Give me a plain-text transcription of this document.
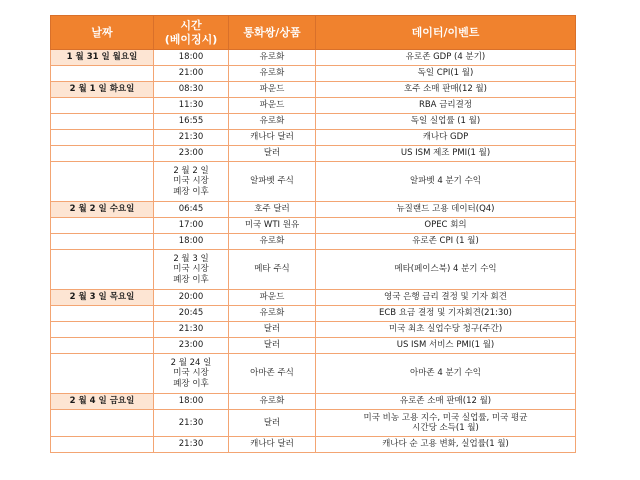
날짜	시간
(베이징시)	통화쌍/상품	데이터/이벤트
1 월 31 일 월요일	18:00	유로화	유로존 GDP (4 분기)
	21:00	유로화	독일 CPI(1 월)
2 월 1 일 화요일	08:30	파운드	호주 소매 판매(12 월)
	11:30	파운드	RBA 금리결정
	16:55	유로화	독일 실업률 (1 월)
	21:30	캐나다 달러	캐나다 GDP
	23:00	달러	US ISM 제조 PMI(1 월)
	2 월 2 일
미국 시장
폐장 이후	알파벳 주식	알파벳 4 분기 수익
2 월 2 일 수요일	06:45	호주 달러	뉴질랜드 고용 데이터(Q4)
	17:00	미국 WTI 원유	OPEC 회의
	18:00	유로화	유로존 CPI (1 월)
	2 월 3 일
미국 시장
폐장 이후	메타 주식	메타(페이스북) 4 분기 수익
2 월 3 일 목요일	20:00	파운드	영국 은행 금리 결정 및 기자 회견
	20:45	유로화	ECB 요금 결정 및 기자회견(21:30)
	21:30	달러	미국 최초 실업수당 청구(주간)
	23:00	달러	US ISM 서비스 PMI(1 월)
	2 월 24 일
미국 시장
폐장 이후	아마존 주식	아마존 4 분기 수익
2 월 4 일 금요일	18:00	유로화	유로존 소매 판매(12 월)
	21:30	달러	미국 비농 고용 지수, 미국 실업률, 미국 평균
시간당 소득(1 월)
	21:30	캐나다 달러	캐나다 순 고용 변화, 실업률(1 월)
